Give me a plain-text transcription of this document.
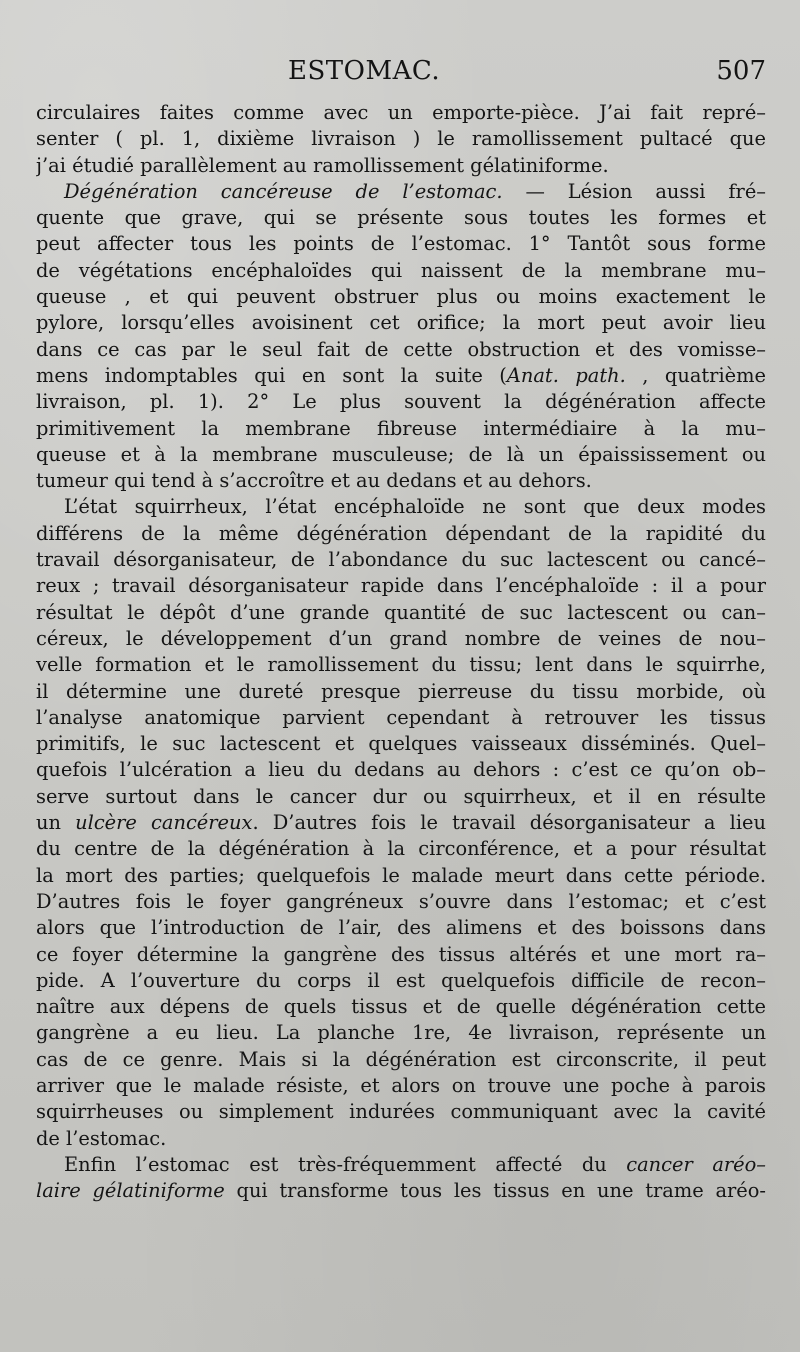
ESTOMAC.	507
circulaires faites comme avec un emporte-pièce. J’ai fait repré–
senter ( pl. 1, dixième livraison ) le ramollissement pultacé que
j’ai étudié parallèlement au ramollissement gélatiniforme.
Dégénération cancéreuse de l’estomac. — Lésion aussi fré–
quente que grave, qui se présente sous toutes les formes et
peut affecter tous les points de l’estomac. 1° Tantôt sous forme
de végétations encéphaloïdes qui naissent de la membrane mu–
queuse , et qui peuvent obstruer plus ou moins exactement le
pylore, lorsqu’elles avoisinent cet orifice; la mort peut avoir lieu
dans ce cas par le seul fait de cette obstruction et des vomisse–
mens indomptables qui en sont la suite (Anat. path. , quatrième
livraison, pl. 1). 2° Le plus souvent la dégénération affecte
primitivement la membrane fibreuse intermédiaire à la mu–
queuse et à la membrane musculeuse; de là un épaississement ou
tumeur qui tend à s’accroître et au dedans et au dehors.
L’état squirrheux, l’état encéphaloïde ne sont que deux modes
différens de la même dégénération dépendant de la rapidité du
travail désorganisateur, de l’abondance du suc lactescent ou cancé–
reux ; travail désorganisateur rapide dans l’encéphaloïde : il a pour
résultat le dépôt d’une grande quantité de suc lactescent ou can–
céreux, le développement d’un grand nombre de veines de nou–
velle formation et le ramollissement du tissu; lent dans le squirrhe,
il détermine une dureté presque pierreuse du tissu morbide, où
l’analyse anatomique parvient cependant à retrouver les tissus
primitifs, le suc lactescent et quelques vaisseaux disséminés. Quel–
quefois l’ulcération a lieu du dedans au dehors : c’est ce qu’on ob–
serve surtout dans le cancer dur ou squirrheux, et il en résulte
un ulcère cancéreux. D’autres fois le travail désorganisateur a lieu
du centre de la dégénération à la circonférence, et a pour résultat
la mort des parties; quelquefois le malade meurt dans cette période.
D’autres fois le foyer gangréneux s’ouvre dans l’estomac; et c’est
alors que l’introduction de l’air, des alimens et des boissons dans
ce foyer détermine la gangrène des tissus altérés et une mort ra–
pide. A l’ouverture du corps il est quelquefois difficile de recon–
naître aux dépens de quels tissus et de quelle dégénération cette
gangrène a eu lieu. La planche 1re, 4e livraison, représente un
cas de ce genre. Mais si la dégénération est circonscrite, il peut
arriver que le malade résiste, et alors on trouve une poche à parois
squirrheuses ou simplement indurées communiquant avec la cavité
de l’estomac.
Enfin l’estomac est très-fréquemment affecté du cancer aréo–
laire gélatiniforme qui transforme tous les tissus en une trame aréo-
